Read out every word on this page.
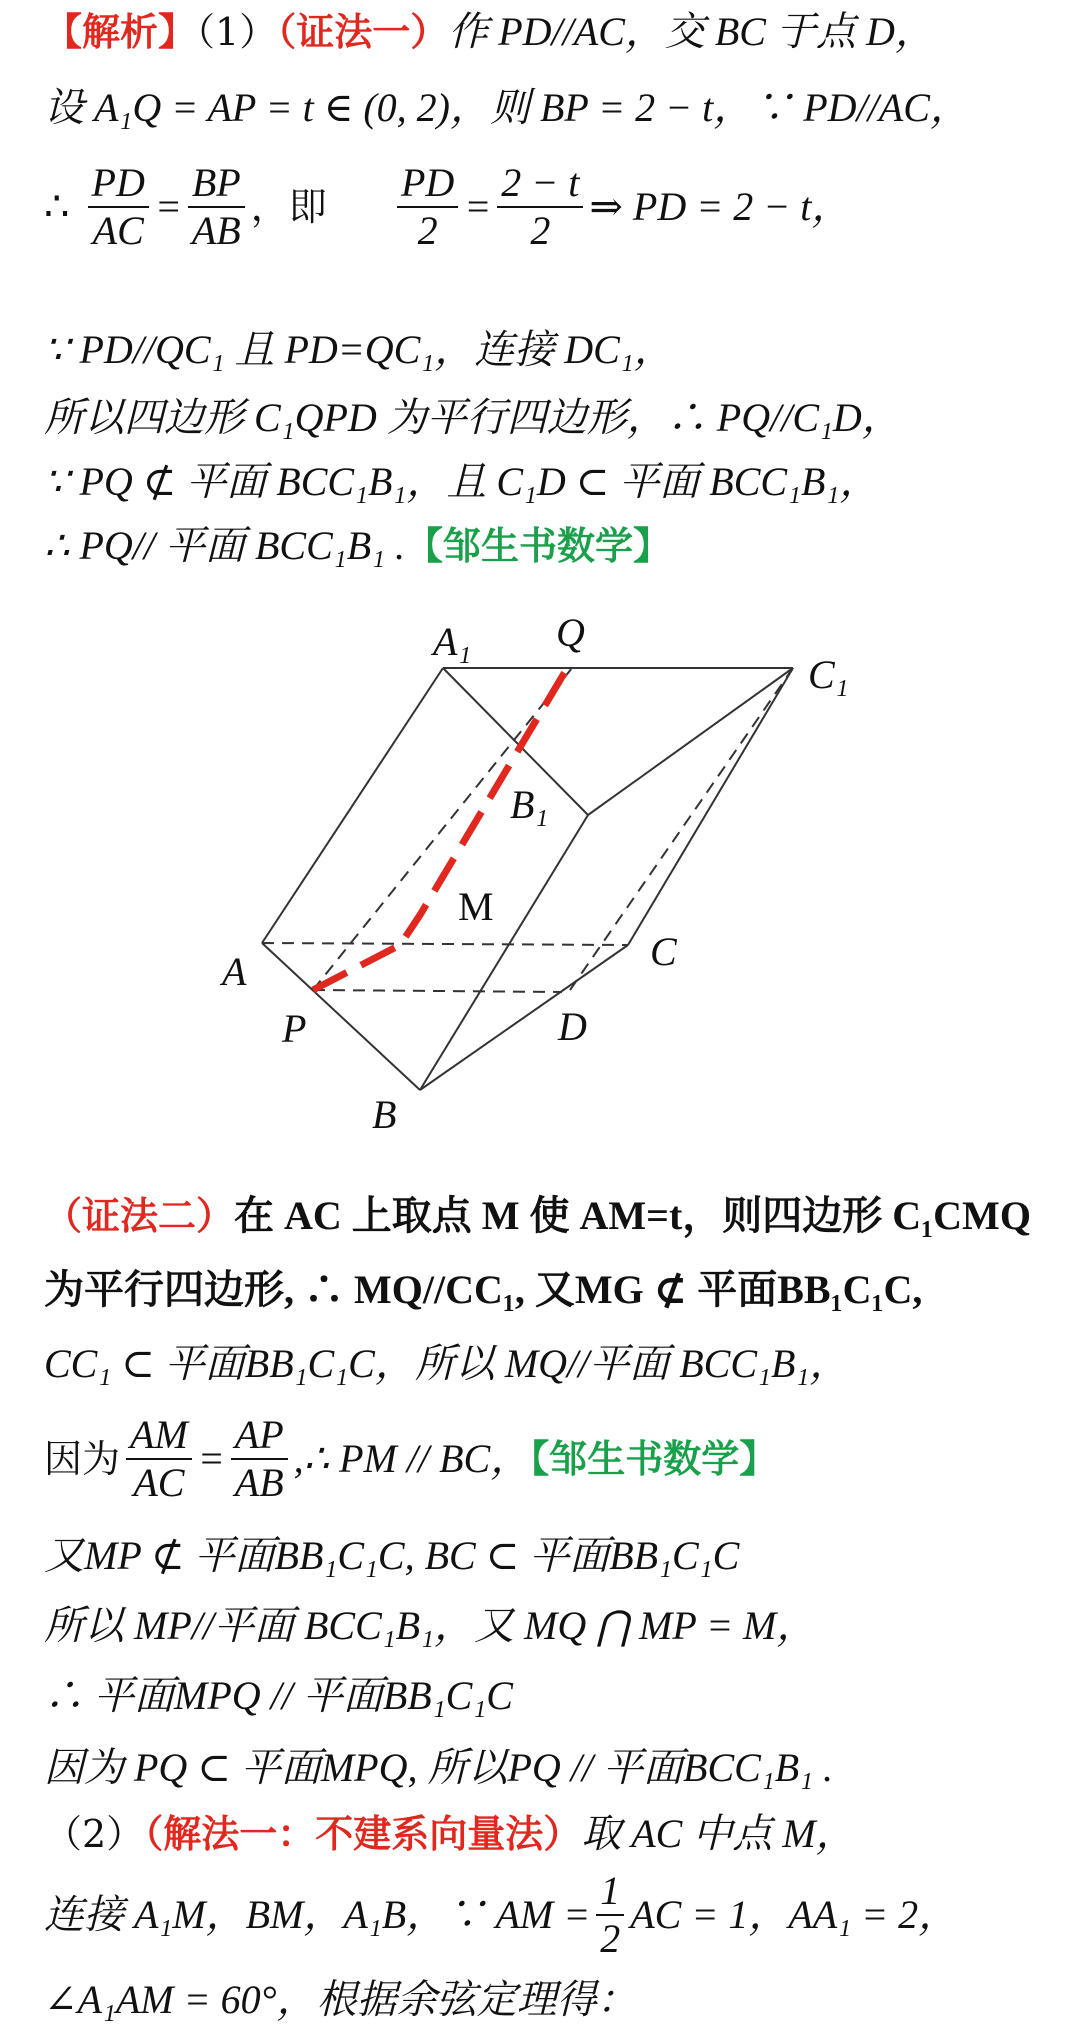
【解析】（1）（证法一）作 PD//AC，交 BC 于点 D，
设 A₁Q = AP = t ∈ (0, 2)，则 BP = 2 − t，∵ PD//AC，
∴ $\frac{PD}{AC} = \frac{BP}{AB}$ ，即 $\frac{PD}{2} = \frac{2 - t}{2}$ ⇒ PD = 2 − t，
∵ PD//QC₁ 且 PD=QC₁，连接 DC₁，
所以四边形 C₁QPD 为平行四边形，∴ PQ//C₁D，
∵ PQ ⊄ 平面 BCC₁B₁，且 C₁D ⊂ 平面 BCC₁B₁，
∴ PQ// 平面 BCC₁B₁ .【邹生书数学】
A₁ Q
C₁
B₁
M
A	C
P	D
B
（证法二）在 AC 上取点 M 使 AM=t，则四边形 C₁CMQ
为平行四边形, ∴ MQ//CC₁, 又MG ⊄ 平面BB₁C₁C,
CC₁ ⊂ 平面BB₁C₁C，所以 MQ//平面 BCC₁B₁，
因为 $\frac{AM}{AC} = \frac{AP}{AB}$ ,∴ PM // BC，【邹生书数学】
又MP ⊄ 平面BB₁C₁C, BC ⊂ 平面BB₁C₁C
所以 MP//平面 BCC₁B₁，又 MQ ⋂ MP = M，
∴ 平面MPQ // 平面BB₁C₁C
因为 PQ ⊂ 平面MPQ, 所以PQ // 平面BCC₁B₁ .
（2）（解法一：不建系向量法）取 AC 中点 M，
连接 A₁M，BM，A₁B，∵ AM = $\frac{1}{2}$ AC = 1，AA₁ = 2，
∠A₁AM = 60°，根据余弦定理得：
